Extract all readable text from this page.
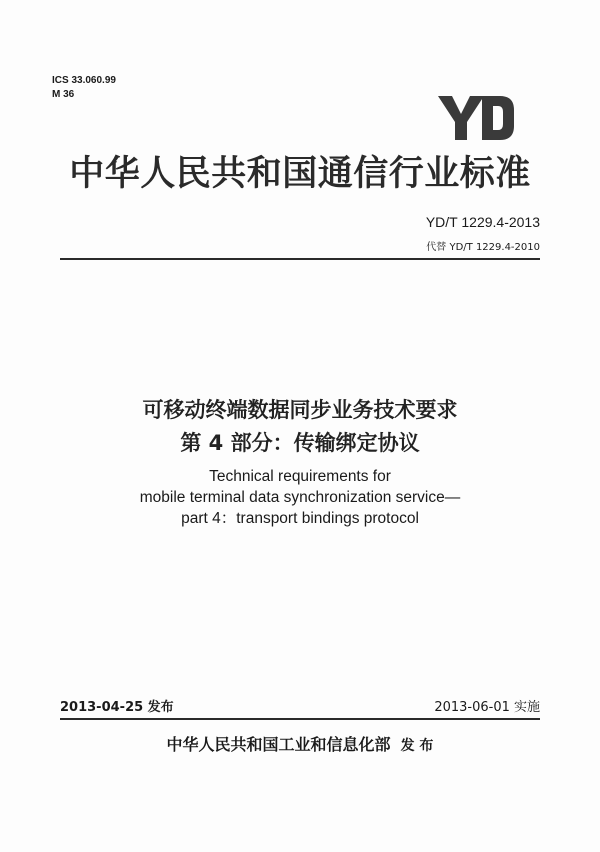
ICS 33.060.99
M 36
中华人民共和国通信行业标准
YD/T 1229.4-2013
代替 YD/T 1229.4-2010
可移动终端数据同步业务技术要求
第 4 部分：传输绑定协议
Technical requirements for
mobile terminal data synchronization service—
part 4：transport bindings protocol
2013-04-25 发布	2013-06-01 实施
中华人民共和国工业和信息化部 发 布
